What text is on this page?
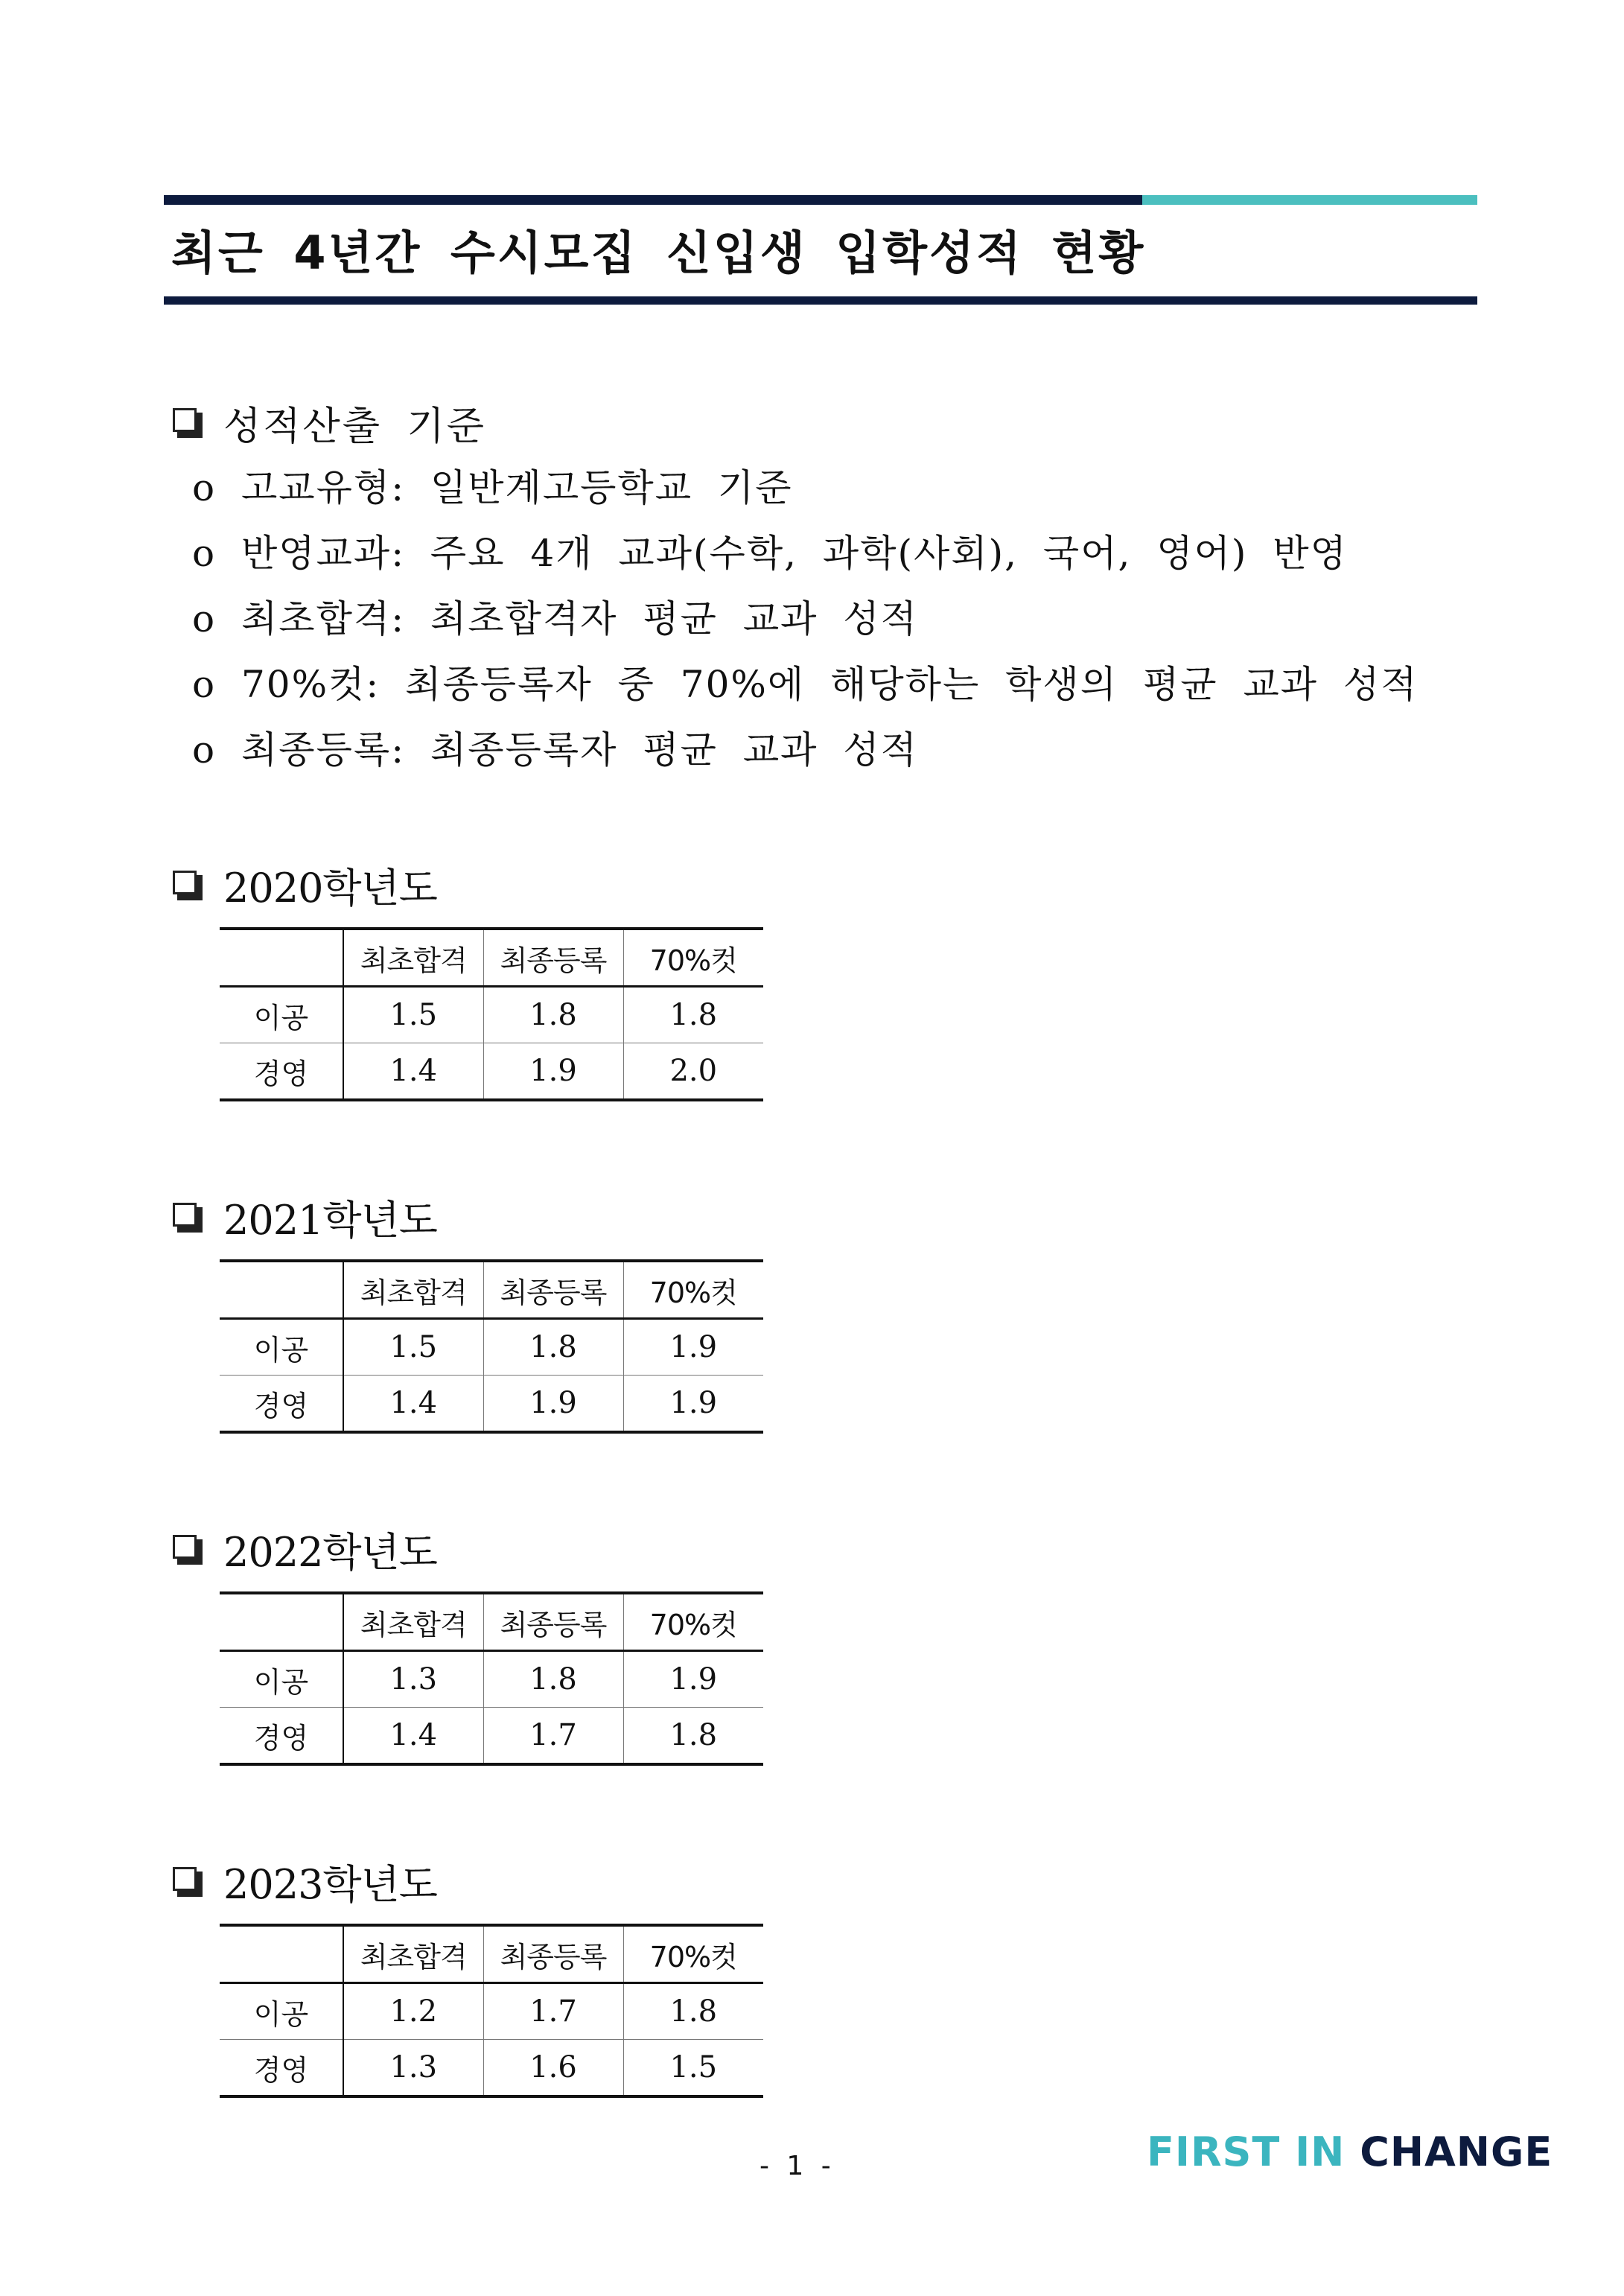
최근 4년간 수시모집 신입생 입학성적 현황
성적산출 기준
o 고교유형: 일반계고등학교 기준
o 반영교과: 주요 4개 교과(수학, 과학(사회), 국어, 영어) 반영
o 최초합격: 최초합격자 평균 교과 성적
o 70%컷: 최종등록자 중 70%에 해당하는 학생의 평균 교과 성적
o 최종등록: 최종등록자 평균 교과 성적
2020학년도
	최초합격	최종등록	70%컷
이공	1.5	1.8	1.8
경영	1.4	1.9	2.0
2021학년도
	최초합격	최종등록	70%컷
이공	1.5	1.8	1.9
경영	1.4	1.9	1.9
2022학년도
	최초합격	최종등록	70%컷
이공	1.3	1.8	1.9
경영	1.4	1.7	1.8
2023학년도
	최초합격	최종등록	70%컷
이공	1.2	1.7	1.8
경영	1.3	1.6	1.5
- 1 -	FIRST IN CHANGE
